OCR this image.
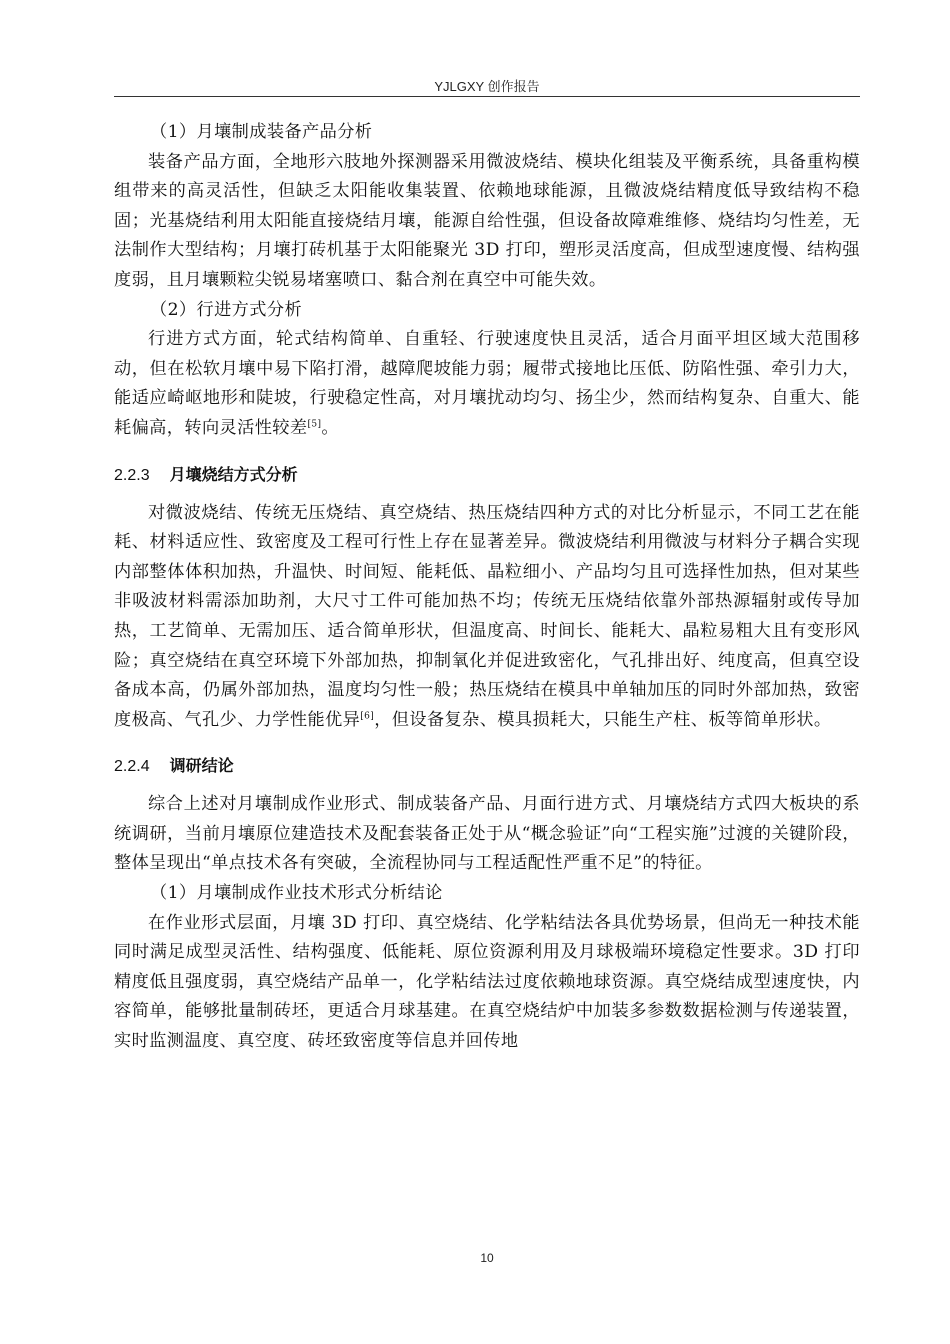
YJLGXY 创作报告

（1）月壤制成装备产品分析

装备产品方面，全地形六肢地外探测器采用微波烧结、模块化组装及平衡系统，具备重构模组带来的高灵活性，但缺乏太阳能收集装置、依赖地球能源，且微波烧结精度低导致结构不稳固；光基烧结利用太阳能直接烧结月壤，能源自给性强，但设备故障难维修、烧结均匀性差，无法制作大型结构；月壤打砖机基于太阳能聚光 3D 打印，塑形灵活度高，但成型速度慢、结构强度弱，且月壤颗粒尖锐易堵塞喷口、黏合剂在真空中可能失效。

（2）行进方式分析

行进方式方面，轮式结构简单、自重轻、行驶速度快且灵活，适合月面平坦区域大范围移动，但在松软月壤中易下陷打滑，越障爬坡能力弱；履带式接地比压低、防陷性强、牵引力大，能适应崎岖地形和陡坡，行驶稳定性高，对月壤扰动均匀、扬尘少，然而结构复杂、自重大、能耗偏高，转向灵活性较差[5]。

2.2.3 月壤烧结方式分析

对微波烧结、传统无压烧结、真空烧结、热压烧结四种方式的对比分析显示，不同工艺在能耗、材料适应性、致密度及工程可行性上存在显著差异。微波烧结利用微波与材料分子耦合实现内部整体体积加热，升温快、时间短、能耗低、晶粒细小、产品均匀且可选择性加热，但对某些非吸波材料需添加助剂，大尺寸工件可能加热不均；传统无压烧结依靠外部热源辐射或传导加热，工艺简单、无需加压、适合简单形状，但温度高、时间长、能耗大、晶粒易粗大且有变形风险；真空烧结在真空环境下外部加热，抑制氧化并促进致密化，气孔排出好、纯度高，但真空设备成本高，仍属外部加热，温度均匀性一般；热压烧结在模具中单轴加压的同时外部加热，致密度极高、气孔少、力学性能优异[6]，但设备复杂、模具损耗大，只能生产柱、板等简单形状。

2.2.4 调研结论

综合上述对月壤制成作业形式、制成装备产品、月面行进方式、月壤烧结方式四大板块的系统调研，当前月壤原位建造技术及配套装备正处于从“概念验证”向“工程实施”过渡的关键阶段，整体呈现出“单点技术各有突破，全流程协同与工程适配性严重不足”的特征。

（1）月壤制成作业技术形式分析结论

在作业形式层面，月壤 3D 打印、真空烧结、化学粘结法各具优势场景，但尚无一种技术能同时满足成型灵活性、结构强度、低能耗、原位资源利用及月球极端环境稳定性要求。3D 打印精度低且强度弱，真空烧结产品单一，化学粘结法过度依赖地球资源。真空烧结成型速度快，内容简单，能够批量制砖坯，更适合月球基建。在真空烧结炉中加装多参数数据检测与传递装置，实时监测温度、真空度、砖坯致密度等信息并回传地

10
